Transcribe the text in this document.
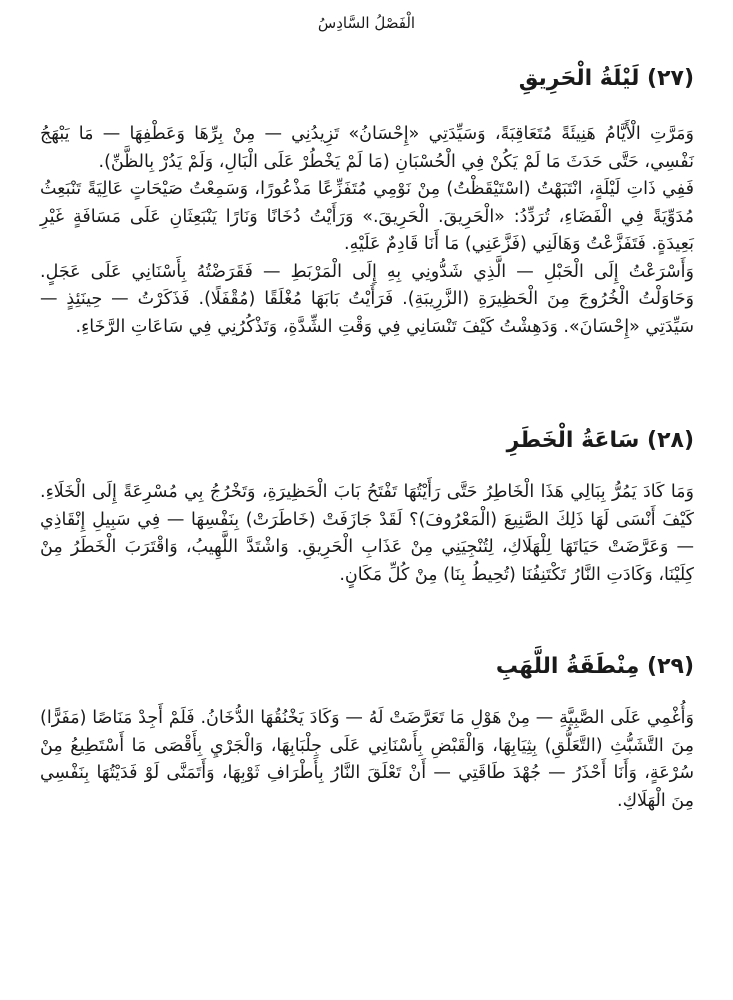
الْفَصْلُ السَّادِسُ
(٢٧) لَيْلَةُ الْحَرِيقِ

وَمَرَّتِ الْأَيَّامُ هَنِيئَةً مُتَعَاقِبَةً، وَسَيِّدَتِي «إِحْسَانُ» تَزِيدُنِي — مِنْ بِرِّهَا وَعَطْفِهَا — مَا يَبْهَجُ نَفْسِي، حَتَّى حَدَثَ مَا لَمْ يَكُنْ فِي الْحُسْبَانِ (مَا لَمْ يَخْطُرْ عَلَى الْبَالِ، وَلَمْ يَدُرْ بِالظَّنِّ).

فَفِي ذَاتِ لَيْلَةٍ، انْتَبَهْتُ (اسْتَيْقَظْتُ) مِنْ نَوْمِي مُتَفَزِّعًا مَذْعُورًا، وَسَمِعْتُ صَيْحَاتٍ عَالِيَةً تَنْبَعِثُ مُدَوِّيَةً فِي الْفَضَاءِ، تُرَدِّدُ: «الْحَرِيقَ. الْحَرِيقَ.» وَرَأَيْتُ دُخَانًا وَنَارًا يَنْبَعِثَانِ عَلَى مَسَافَةٍ غَيْرِ بَعِيدَةٍ. فَتَفَزَّعْتُ وَهَالَنِي (فَزَّعَنِي) مَا أَنَا قَادِمٌ عَلَيْهِ.

وَأَسْرَعْتُ إِلَى الْحَبْلِ — الَّذِي شَدُّونِي بِهِ إِلَى الْمَرْبَطِ — فَقَرَضْتُهُ بِأَسْنَانِي عَلَى عَجَلٍ. وَحَاوَلْتُ الْخُرُوجَ مِنَ الْحَظِيرَةِ (الزَّرِيبَةِ). فَرَأَيْتُ بَابَهَا مُغْلَقًا (مُقْفَلًا). فَذَكَرْتُ — حِينَئِذٍ — سَيِّدَتِي «إِحْسَانَ». وَدَهِشْتُ كَيْفَ تَنْسَانِي فِي وَقْتِ الشِّدَّةِ، وَتَذْكُرُنِي فِي سَاعَاتِ الرَّخَاءِ.

(٢٨) سَاعَةُ الْخَطَرِ

وَمَا كَادَ يَمُرُّ بِبَالِي هَذَا الْخَاطِرُ حَتَّى رَأَيْتُهَا تَفْتَحُ بَابَ الْحَظِيرَةِ، وَتَخْرُجُ بِي مُسْرِعَةً إِلَى الْخَلَاءِ. كَيْفَ أَنْسَى لَهَا ذَلِكَ الصَّنِيعَ (الْمَعْرُوفَ)؟ لَقَدْ جَازَفَتْ (خَاطَرَتْ) بِنَفْسِهَا — فِي سَبِيلِ إِنْقَاذِي — وَعَرَّضَتْ حَيَاتَهَا لِلْهَلَاكِ، لِتُنْجِيَنِي مِنْ عَذَابِ الْحَرِيقِ. وَاشْتَدَّ اللَّهِيبُ، وَاقْتَرَبَ الْخَطَرُ مِنْ كِلَيْنَا، وَكَادَتِ النَّارُ تَكْتَنِفُنَا (تُحِيطُ بِنَا) مِنْ كُلِّ مَكَانٍ.

(٢٩) مِنْطَقَةُ اللَّهَبِ

وَأُغْمِي عَلَى الصَّبِيَّةِ — مِنْ هَوْلِ مَا تَعَرَّضَتْ لَهُ — وَكَادَ يَخْنُقُهَا الدُّخَانُ. فَلَمْ أَجِدْ مَنَاصًا (مَفَرًّا) مِنَ التَّشَبُّثِ (التَّعَلُّقِ) بِثِيَابِهَا، وَالْقَبْضِ بِأَسْنَانِي عَلَى جِلْبَابِهَا، وَالْجَرْيِ بِأَقْصَى مَا أَسْتَطِيعُ مِنْ سُرْعَةٍ، وَأَنَا أَحْذَرُ — جُهْدَ طَاقَتِي — أَنْ تَعْلَقَ النَّارُ بِأَطْرَافِ ثَوْبِهَا، وَأَتَمَنَّى لَوْ فَدَيْتُهَا بِنَفْسِي مِنَ الْهَلَاكِ.
